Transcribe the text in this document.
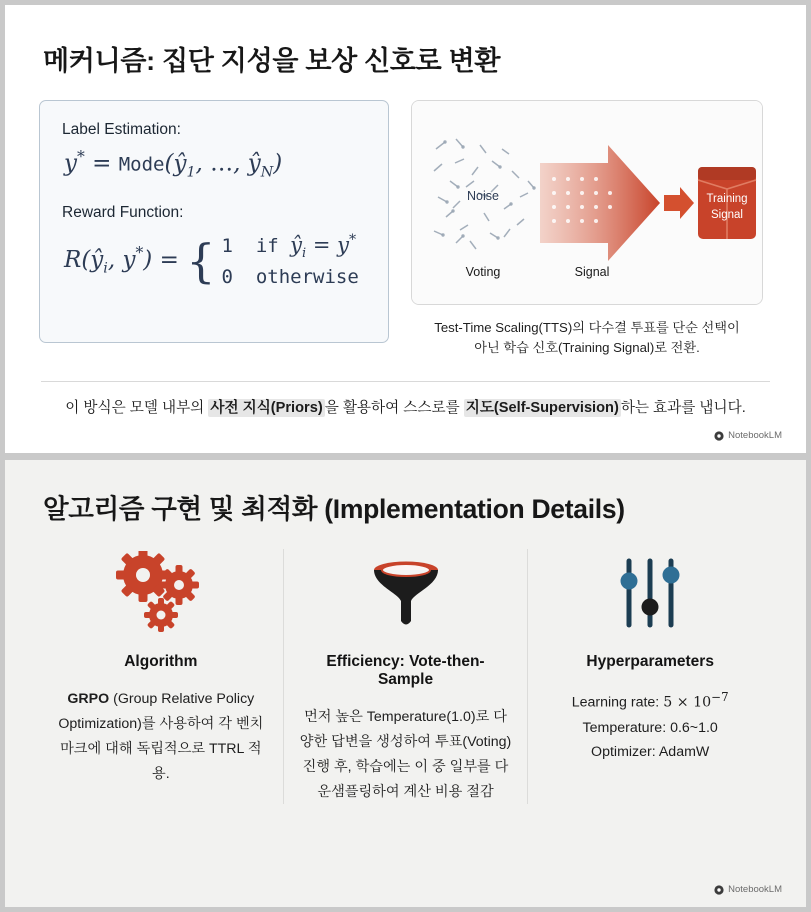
메커니즘: 집단 지성을 보상 신호로 변환
Label Estimation:
$y^* = Mode(ŷ_1$, …, $ŷ_N$)
Reward Function:
$R(ŷ_i$, y*) = { 1 if $ŷ_i = y^*$
0 otherwise
Training
Signal
Noise
Voting	Signal
Test-Time Scaling(TTS)의 다수결 투표를 단순 선택이
아닌 학습 신호(Training Signal)로 전환.
이 방식은 모델 내부의 사전 지식(Priors) 을 활용하여 스스로를 지도(Self-Supervision) 하는 효과를 냅니다.
NotebookLM
알고리즘 구현 및 최적화 (Implementation Details)
Algorithm
GRPO (Group Relative Policy Optimization)를 사용하여 각 벤치마크에 대해 독립적으로 TTRL 적용.
Efficiency: Vote-then-Sample
먼저 높은 Temperature(1.0)로 다양한 답변을 생성하여 투표(Voting) 진행 후, 학습에는 이 중 일부를 다운샘플링하여 계산 비용 절감
Hyperparameters
Learning rate: $5 \times 10^{-7}$
Temperature: 0.6~1.0
Optimizer: AdamW
NotebookLM
